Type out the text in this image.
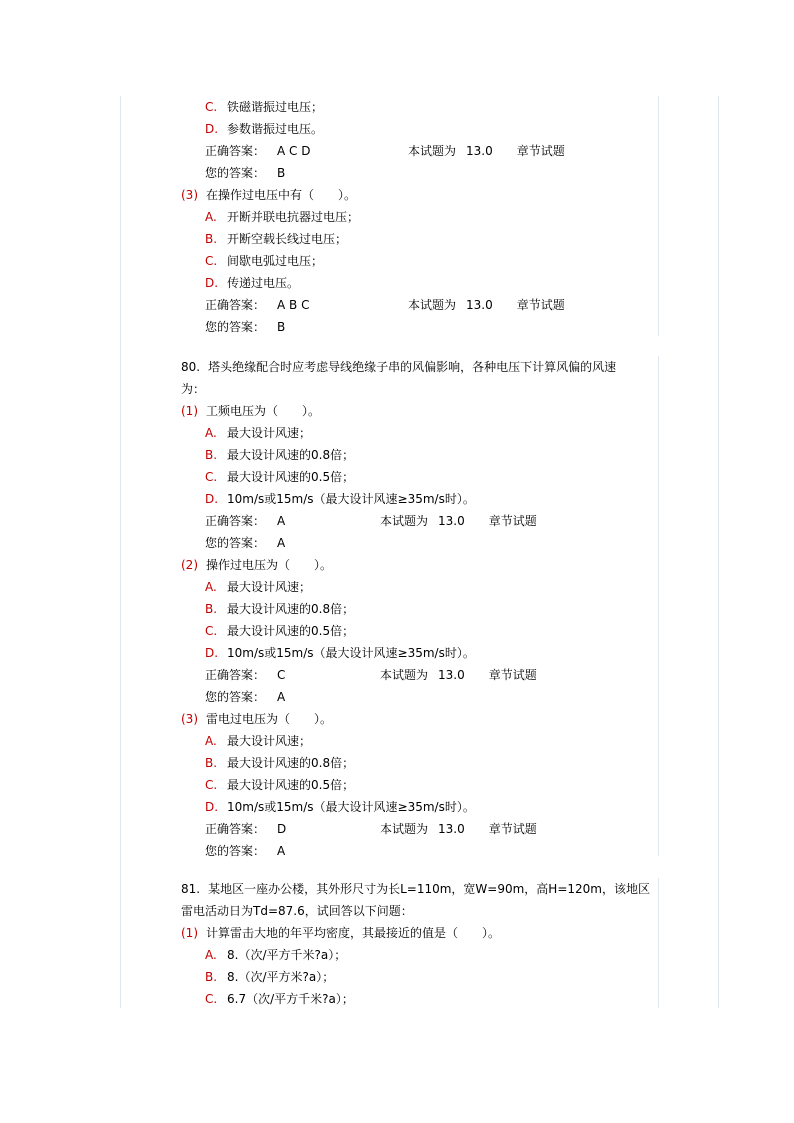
C. 铁磁谐振过电压；
D. 参数谐振过电压。
正确答案： A C D	本试题为 13.0 章节试题
您的答案： B
(3) 在操作过电压中有（　　）。
A. 开断并联电抗器过电压；
B. 开断空载长线过电压；
C. 间歇电弧过电压；
D. 传递过电压。
正确答案： A B C	本试题为 13.0 章节试题
您的答案： B
80. 塔头绝缘配合时应考虑导线绝缘子串的风偏影响，各种电压下计算风偏的风速
为：
(1) 工频电压为（　　）。
A. 最大设计风速；
B. 最大设计风速的0.8倍；
C. 最大设计风速的0.5倍；
D. 10m/s或15m/s（最大设计风速≥35m/s时）。
正确答案： A	本试题为 13.0 章节试题
您的答案： A
(2) 操作过电压为（　　）。
A. 最大设计风速；
B. 最大设计风速的0.8倍；
C. 最大设计风速的0.5倍；
D. 10m/s或15m/s（最大设计风速≥35m/s时）。
正确答案： C	本试题为 13.0 章节试题
您的答案： A
(3) 雷电过电压为（　　）。
A. 最大设计风速；
B. 最大设计风速的0.8倍；
C. 最大设计风速的0.5倍；
D. 10m/s或15m/s（最大设计风速≥35m/s时）。
正确答案： D	本试题为 13.0 章节试题
您的答案： A
81. 某地区一座办公楼，其外形尺寸为长L=110m，宽W=90m，高H=120m，该地区
雷电活动日为Td=87.6，试回答以下问题：
(1) 计算雷击大地的年平均密度，其最接近的值是（　　）。
A. 8.（次/平方千米?a）；
B. 8.（次/平方米?a）；
C. 6.7（次/平方千米?a）；
